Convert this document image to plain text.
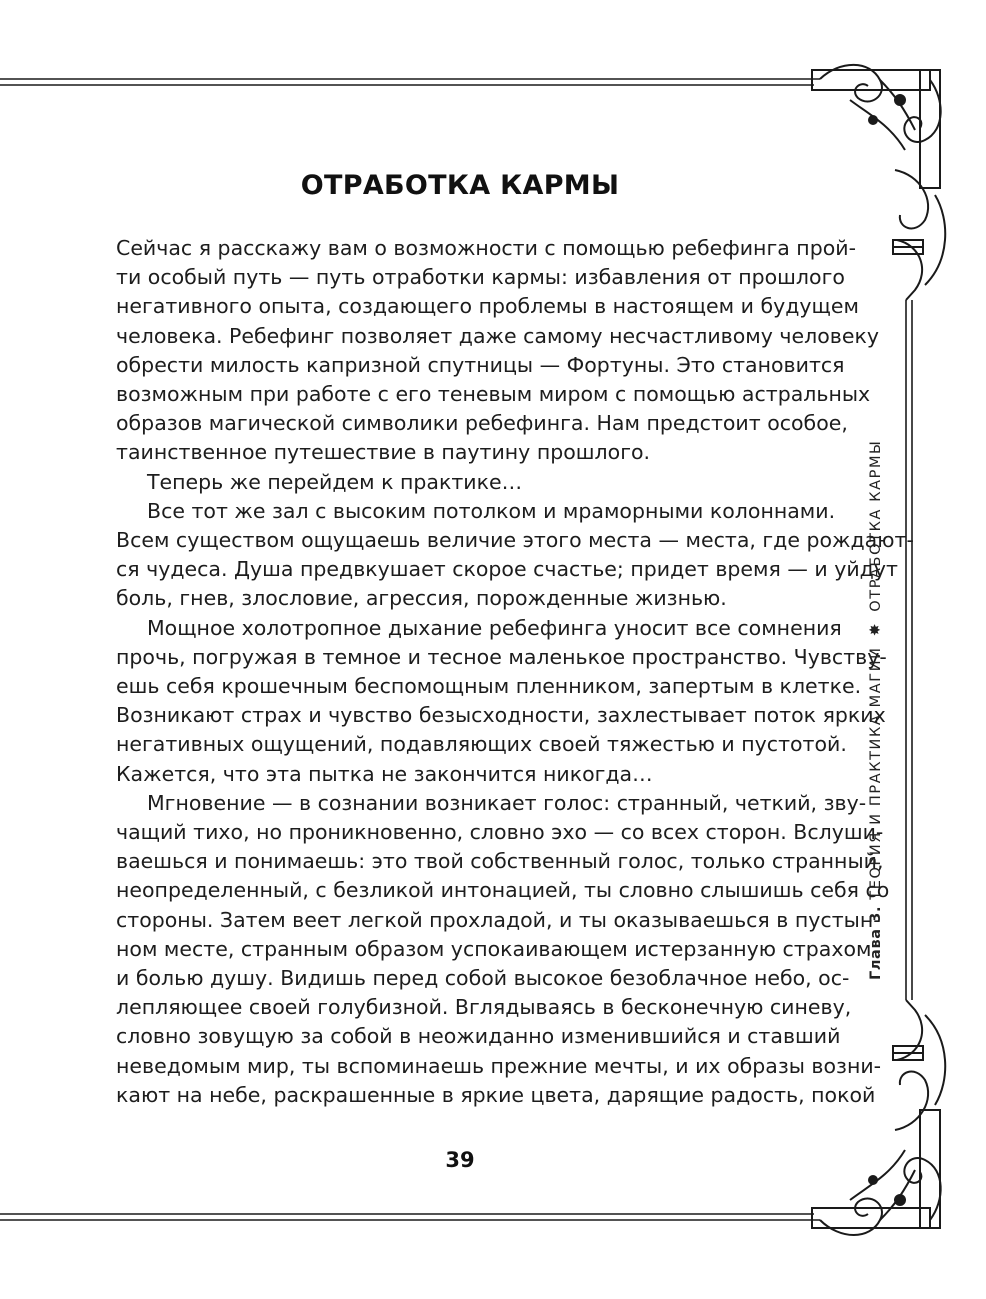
ОТРАБОТКА КАРМЫ
Сейчас я расскажу вам о возможности с помощью ребефинга прой-
ти особый путь — путь отработки кармы: избавления от прошлого
негативного опыта, создающего проблемы в настоящем и будущем
человека. Ребефинг позволяет даже самому несчастливому человеку
обрести милость капризной спутницы — Фортуны. Это становится
возможным при работе с его теневым миром с помощью астральных
образов магической символики ребефинга. Нам предстоит особое,
таинственное путешествие в паутину прошлого.
Теперь же перейдем к практике…
Все тот же зал с высоким потолком и мраморными колоннами.
Всем существом ощущаешь величие этого места — места, где рождают-
ся чудеса. Душа предвкушает скорое счастье; придет время — и уйдут
боль, гнев, злословие, агрессия, порожденные жизнью.
Мощное холотропное дыхание ребефинга уносит все сомнения
прочь, погружая в темное и тесное маленькое пространство. Чувству-
ешь себя крошечным беспомощным пленником, запертым в клетке.
Возникают страх и чувство безысходности, захлестывает поток ярких
негативных ощущений, подавляющих своей тяжестью и пустотой.
Кажется, что эта пытка не закончится никогда…
Мгновение — в сознании возникает голос: странный, четкий, зву-
чащий тихо, но проникновенно, словно эхо — со всех сторон. Вслуши-
ваешься и понимаешь: это твой собственный голос, только странный,
неопределенный, с безликой интонацией, ты словно слышишь себя со
стороны. Затем веет легкой прохладой, и ты оказываешься в пустын-
ном месте, странным образом успокаивающем истерзанную страхом
и болью душу. Видишь перед собой высокое безоблачное небо, ос-
лепляющее своей голубизной. Вглядываясь в бесконечную синеву,
словно зовущую за собой в неожиданно изменившийся и ставший
неведомым мир, ты вспоминаешь прежние мечты, и их образы возни-
кают на небе, раскрашенные в яркие цвета, дарящие радость, покой
39
Глава 3. ТЕОРИЯ И ПРАКТИКА МАГИИ ✸ ОТРАБОТКА КАРМЫ
